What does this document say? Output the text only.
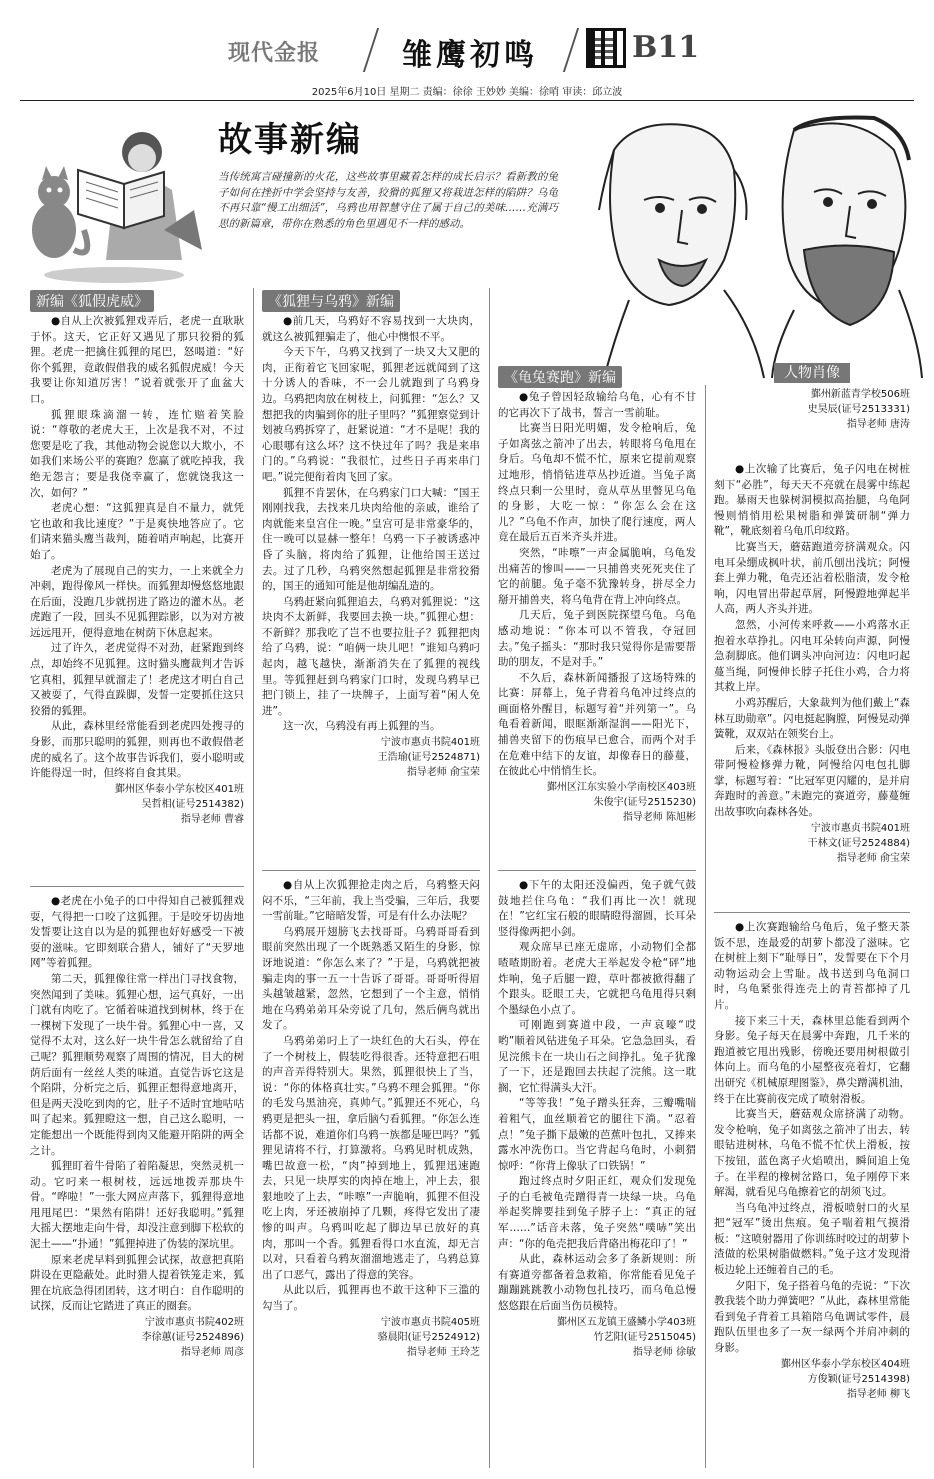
现代金报	雏鹰初鸣	B11
2025年6月10日 星期二 责编：徐徐 王妙妙 美编：徐哨 审读：邱立波
故事新编
当传统寓言碰撞新的火花，这些故事里藏着怎样的成长启示？看新教的兔子如何在挫折中学会坚持与友善，狡猾的狐狸又将栽进怎样的陷阱？乌龟不再只靠“慢工出细活”，乌鸦也用智慧守住了属于自己的美味……充满巧思的新篇章，带你在熟悉的角色里遇见不一样的感动。
新编《狐假虎威》

●自从上次被狐狸戏弄后，老虎一直耿耿于怀。这天，它正好又遇见了那只狡猾的狐狸。老虎一把擒住狐狸的尾巴，怒喝道：“好你个狐狸，竟敢假借我的威名狐假虎威！今天我要让你知道厉害！”说着就张开了血盆大口。

狐狸眼珠滴溜一转，连忙赔着笑脸说：“尊敬的老虎大王，上次是我不对，不过您要是吃了我，其他动物会说您以大欺小，不如我们来场公平的赛跑？您赢了就吃掉我，我绝无怨言；要是我侥幸赢了，您就饶我这一次，如何？”

老虎心想：“这狐狸真是自不量力，就凭它也敢和我比速度？”于是爽快地答应了。它们请来猫头鹰当裁判，随着哨声响起，比赛开始了。

老虎为了展现自己的实力，一上来就全力冲刺，跑得像风一样快。而狐狸却慢悠悠地跟在后面，没跑几步就拐进了路边的灌木丛。老虎跑了一段，回头不见狐狸踪影，以为对方被远远甩开，便得意地在树荫下休息起来。

过了许久，老虎觉得不对劲，赶紧跑到终点，却始终不见狐狸。这时猫头鹰裁判才告诉它真相，狐狸早就溜走了！老虎这才明白自己又被耍了，气得直跺脚，发誓一定要抓住这只狡猾的狐狸。

从此，森林里经常能看到老虎四处搜寻的身影，而那只聪明的狐狸，则再也不敢假借老虎的威名了。这个故事告诉我们，耍小聪明或许能得逞一时，但终将自食其果。

鄞州区华泰小学东校区401班
吴哲相(证号2514382)
指导老师 曹睿

●老虎在小兔子的口中得知自己被狐狸戏耍，气得把一口咬了这狐狸。于是咬牙切齿地发誓要让这自以为是的狐狸也好好感受一下被耍的滋味。它即刻联合猎人，铺好了“天罗地网”等着狐狸。

第二天，狐狸像往常一样出门寻找食物，突然闻到了美味。狐狸心想，运气真好，一出门就有肉吃了。它循着味道找到树林，终于在一棵树下发现了一块牛骨。狐狸心中一喜，又觉得不太对，这么好一块牛骨怎么就留给了自己呢？狐狸顺势观察了周围的情况，目大的树荫后面有一丝丝人类的味道。直觉告诉它这是个陷阱，分析完之后，狐狸正想得意地离开，但是两天没吃到肉的它，肚子不适时宜地咕咕叫了起来。狐狸瞪这一想，自己这么聪明，一定能想出一个既能得到肉又能避开陷阱的两全之计。

狐狸盯着牛骨陷了着陷凝思，突然灵机一动。它叼来一根树枝，远远地拨弄那块牛骨。“哗啦！”一张大网应声落下，狐狸得意地甩甩尾巴：“果然有陷阱！还好我聪明。”狐狸大摇大摆地走向牛骨，却没注意到脚下松软的泥土——“扑通！”狐狸掉进了伪装的深坑里。

原来老虎早料到狐狸会试探，故意把真陷阱设在更隐蔽处。此时猎人提着铁笼走来，狐狸在坑底急得团团转，这才明白：自作聪明的试探，反而让它踏进了真正的圈套。

宁波市惠贞书院402班
李徐蕙(证号2524896)
指导老师 周彦
《狐狸与乌鸦》新编

●前几天，乌鸦好不容易找到一大块肉，就这么被狐狸骗走了，他心中懊恨不平。

今天下午，乌鸦又找到了一块又大又肥的肉，正衔着它飞回家呢，狐狸老远就闻到了这十分诱人的香味，不一会儿就跑到了乌鸦身边。乌鸦把肉放在树枝上，问狐狸：“怎么？又想把我的肉骗到你的肚子里吗？”狐狸察觉到计划被乌鸦拆穿了，赶紧说道：“才不是呢！我的心眼哪有这么坏？这不快过年了吗？我是来串门的。”乌鸦说：“我很忙，过些日子再来串门吧。”说完便衔着肉飞回了家。

狐狸不肯罢休，在乌鸦家门口大喊：“国王刚刚找我，去找来几块肉给他的亲戚，谁给了肉就能来皇宫住一晚。”皇宫可是非常豪华的，住一晚可以显赫一整年！乌鸦一下子被诱惑冲昏了头脑，将肉给了狐狸，让他给国王送过去。过了几秒，乌鸦突然想起狐狸是非常狡猾的，国王的通知可能是他胡编乱造的。

乌鸦赶紧向狐狸追去，乌鸦对狐狸说：“这块肉不太新鲜，我要回去换一块。”狐狸心想：不新鲜？那我吃了岂不也要拉肚子？狐狸把肉给了乌鸦，说：“咱俩一块儿吧！”谁知乌鸦叼起肉，越飞越快，渐渐消失在了狐狸的视线里。等狐狸赶到乌鸦家门口时，发现乌鸦早已把门锁上，挂了一块牌子，上面写着“闲人免进”。

这一次，乌鸦没有再上狐狸的当。

宁波市惠贞书院401班
王浩瑜(证号2524871)
指导老师 俞宝荣

●自从上次狐狸抢走肉之后，乌鸦整天闷闷不乐，“三年前，我上当受骗，三年后，我要一雪前耻。”它暗暗发誓，可是有什么办法呢？

乌鸦展开翅膀飞去找哥哥。乌鸦哥哥看到眼前突然出现了一个既熟悉又陌生的身影，惊讶地说道：“你怎么来了？”于是，乌鸦就把被骗走肉的事一五一十告诉了哥哥。哥哥听得眉头越皱越紧，忽然，它想到了一个主意，悄悄地在乌鸦弟弟耳朵旁说了几句，然后俩鸟就出发了。

乌鸦弟弟叼上了一块红色的大石头，停在了一个树枝上，假装吃得很香。还特意把石咀的声音弄得特别大。果然，狐狸很快上了当，说：“你的体格真壮实。”乌鸦不理会狐狸。“你的毛发乌黑油亮，真帅气。”狐狸还不死心，乌鸦更是把头一扭，拿后脑勺看狐狸。“你怎么连话都不说，难道你们乌鸦一族都是哑巴吗？”狐狸见请将不行，打算激将。乌鸦见时机成熟，嘴巴故意一松，“肉”掉到地上，狐狸迅速跑去，只见一块厚实的肉掉在地上，冲上去，狠狠地咬了上去，“咔嚓”一声脆响，狐狸不但没吃上肉，牙还被崩掉了几颗，疼得它发出了凄惨的叫声。乌鸦叫吃起了脚边早已放好的真肉，那叫一个香。狐狸看得口水直流，却无言以对，只看着乌鸦灰溜溜地逃走了，乌鸦总算出了口恶气，露出了得意的笑容。

从此以后，狐狸再也不敢干这种下三滥的勾当了。

宁波市惠贞书院405班
骆晨阳(证号2524912)
指导老师 王玲芝
《龟兔赛跑》新编

●兔子曾因轻敌输给乌龟，心有不甘的它再次下了战书，誓言一雪前耻。

比赛当日阳光明媚，发令枪响后，兔子如离弦之箭冲了出去，转眼将乌龟甩在身后。乌龟却不慌不忙，原来它提前观察过地形，悄悄钻进草丛抄近道。当兔子离终点只剩一公里时，竟从草丛里瞥见乌龟的身影，大吃一惊：“你怎么会在这儿？”乌龟不作声，加快了爬行速度，两人竟在最后五百米齐头并进。

突然，“咔嚓”一声金属脆响，乌龟发出痛苦的惨叫——一只捕兽夹死死夹住了它的前腿。兔子毫不犹豫转身，拼尽全力掰开捕兽夹，将乌龟背在背上冲向终点。

几天后，兔子到医院探望乌龟。乌龟感动地说：“你本可以不管我，夺冠回去。”兔子摇头：“那时我只觉得你是需要帮助的朋友，不是对手。”

不久后，森林新闻播报了这场特殊的比赛：屏幕上，兔子背着乌龟冲过终点的画面格外醒目，标题写着“并列第一”。乌龟看着新闻，眼眶渐渐湿润——阳光下，捕兽夹留下的伤痕早已愈合，而两个对手在危难中结下的友谊，却像春日的藤蔓，在彼此心中悄悄生长。

鄞州区江东实验小学南校区403班
朱俊宇(证号2515230)
指导老师 陈旭彬

●下午的太阳还没偏西，兔子就气鼓鼓地拦住乌龟：“我们再比一次！就现在！”它红宝石般的眼睛瞪得溜圆，长耳朵竖得像两把小剑。

观众席早已座无虚席，小动物们全都喳喳期盼着。老虎大王举起发令枪“砰”地炸响，兔子后腿一蹬，草叶都被掀得翻了个跟头。眨眼工夫，它就把乌龟甩得只剩个墨绿色小点了。

可刚跑到赛道中段，一声哀嚎“哎哟”顺着风钻进兔子耳朵。它急急回头，看见浣熊卡在一块山石之间挣扎。兔子犹豫了一下，还是跑回去扶起了浣熊。这一耽搁，它忙得满头大汗。

“等等我！”兔子蹭头狂奔，三瓣嘴喘着粗气，血丝顺着它的腿往下淌。“忍着点！”兔子撕下最嫩的芭蕉叶包扎，又捧来露水冲洗伤口。当它背起乌龟时，小刺猬惊呼：“你背上像驮了口铁锅！”

跑过终点时夕阳正红，观众们发现兔子的白毛被龟壳蹭得青一块绿一块。乌龟举起奖牌要挂到兔子脖子上：“真正的冠军……”话音未落，兔子突然“噗哧”笑出声：“你的龟壳把我后背硌出梅花印了！”

从此，森林运动会多了条新规则：所有赛道旁都备着急救箱，你常能看见兔子蹦蹦跳跳教小动物包扎技巧，而乌龟总慢悠悠跟在后面当伤员模特。

鄞州区五龙镇王盛鳞小学403班
竹艺阳(证号2515045)
指导老师 徐敏
人物肖像
鄞州新蓝青学校506班
史昊辰(证号2513331)
指导老师 唐涛

●上次输了比赛后，兔子闪电在树桩刻下“必胜”，每天天不亮就在晨雾中练起跑。暴雨天也躲树洞模拟高抬腿，乌龟阿慢则悄悄用松果树脂和弹簧研制“弹力靴”，靴底刻着乌龟爪印纹路。

比赛当天，蘑菇跑道旁挤满观众。闪电耳朵绷成枫叶状，前爪刨出浅坑；阿慢套上弹力靴，龟壳还沾着松脂渍，发令枪响，闪电冒出带起草屑，阿慢蹬地弹起半人高，两人齐头并进。

忽然，小河传来呼救——小鸡落水正抱着水草挣扎。闪电耳朵转向声源，阿慢急刹脚底。他们调头冲向河边：闪电叼起蔓当绳，阿慢伸长脖子托住小鸡，合力将其救上岸。

小鸡苏醒后，大象裁判为他们戴上“森林互助勋章”。闪电挺起胸膛，阿慢晃动弹簧靴，双双站在领奖台上。

后来，《森林报》头版登出合影：闪电带阿慢检修弹力靴，阿慢给闪电包扎脚掌，标题写着：“比冠军更闪耀的，是并肩奔跑时的善意。”未跑完的赛道旁，藤蔓缠出故事吹向森林各处。

宁波市惠贞书院401班
干林文(证号2524884)
指导老师 俞宝荣

●上次赛跑输给乌龟后，兔子整天茶饭不思，连最爱的胡萝卜都没了滋味。它在树桩上刻下“耻辱日”，发誓要在下个月动物运动会上雪耻。战书送到乌龟洞口时，乌龟紧张得连壳上的青苔都掉了几片。

接下来三十天，森林里总能看到两个身影。兔子每天在晨雾中奔跑，几千米的跑道被它甩出残影，傍晚还要用树根做引体向上。而乌龟的小屋整夜亮着灯，它翻出研究《机械原理图鉴》，鼻尖蹭满机油，终于在比赛前夜完成了喷射滑板。

比赛当天，蘑菇观众席挤满了动物。发令枪响，兔子如离弦之箭冲了出去，转眼钻进树林，乌龟不慌不忙伏上滑板，按下按钮，蓝色离子火焰喷出，瞬间追上兔子。在半程的橡树岔路口，兔子刚停下来解渴，就看见乌龟擦着它的胡须飞过。

当乌龟冲过终点，滑板喷射口的火星把“冠军”烫出焦痕。兔子喘着粗气摸滑板：“这喷射器用了你训练时咬过的胡萝卜渣做的松果树脂做燃料。”兔子这才发现滑板边轮上还缠着自己的毛。

夕阳下，兔子搭着乌龟的壳说：“下次教我装个助力弹簧吧？”从此，森林里常能看到兔子背着工具箱陪乌龟调试零件，晨跑队伍里也多了一灰一绿两个并肩冲刺的身影。

鄞州区华泰小学东校区404班
方俊颖(证号2514398)
指导老师 柳飞
